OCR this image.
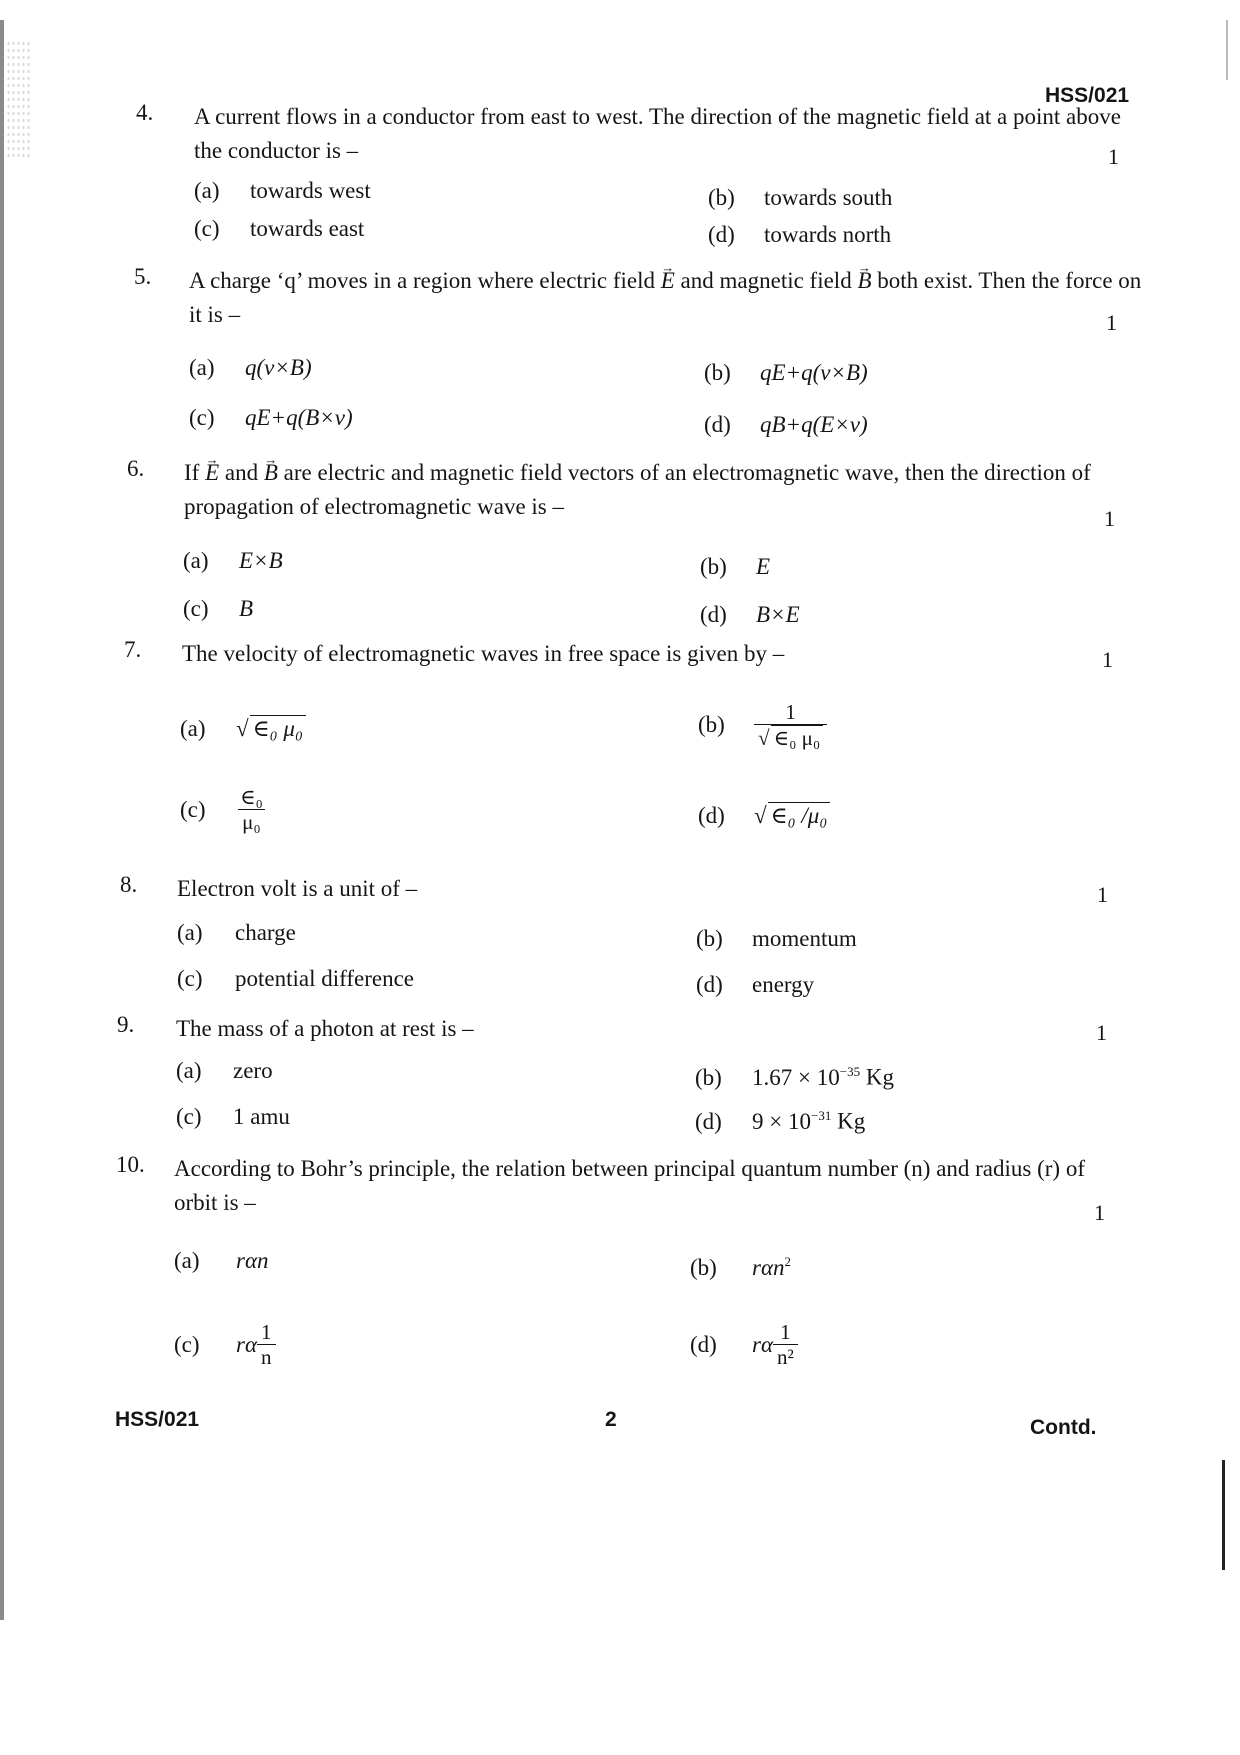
HSS/021
4. A current flows in a conductor from east to west. The direction of the magnetic field at a point above the conductor is –	1
(a) towards west	(b) towards south
(c) towards east	(d) towards north
5. A charge ‘q’ moves in a region where electric field → E and magnetic field → B both exist. Then the force on it is –	1
(a) q(v×B)	(b) qE+q(v×B)
(c) qE+q(B×v)	(d) qB+q(E×v)
6. If → E and → B are electric and magnetic field vectors of an electromagnetic wave, then the direction of propagation of electromagnetic wave is –	1
(a) E×B	(b) E
(c) B	(d) B×E
7. The velocity of electromagnetic waves in free space is given by –	1
(a) √ ∈₀ μ₀	$(b) \frac{1}{\text{√ ∈₀ μ₀}}$
$(c) \frac{\text{∈₀}}{\text{μ₀}}$	(d) √ ∈₀ /μ₀
8. Electron volt is a unit of –	1
(a) charge	(b) momentum
(c) potential difference	(d) energy
9. The mass of a photon at rest is –	1
(a) zero	(b) $1.67 \times 10^{-35}$ Kg
(c) 1 amu	(d) $9 \times 10^{-31}$ Kg
10. According to Bohr’s principle, the relation between principal quantum number (n) and radius (r) of orbit is –	1
(a) rαn	(b) rαn$^2$
(c) rα $\frac{1}{n}$	(d) rα $\frac{1}{\text{n²}}$
HSS/021	2	Contd.
